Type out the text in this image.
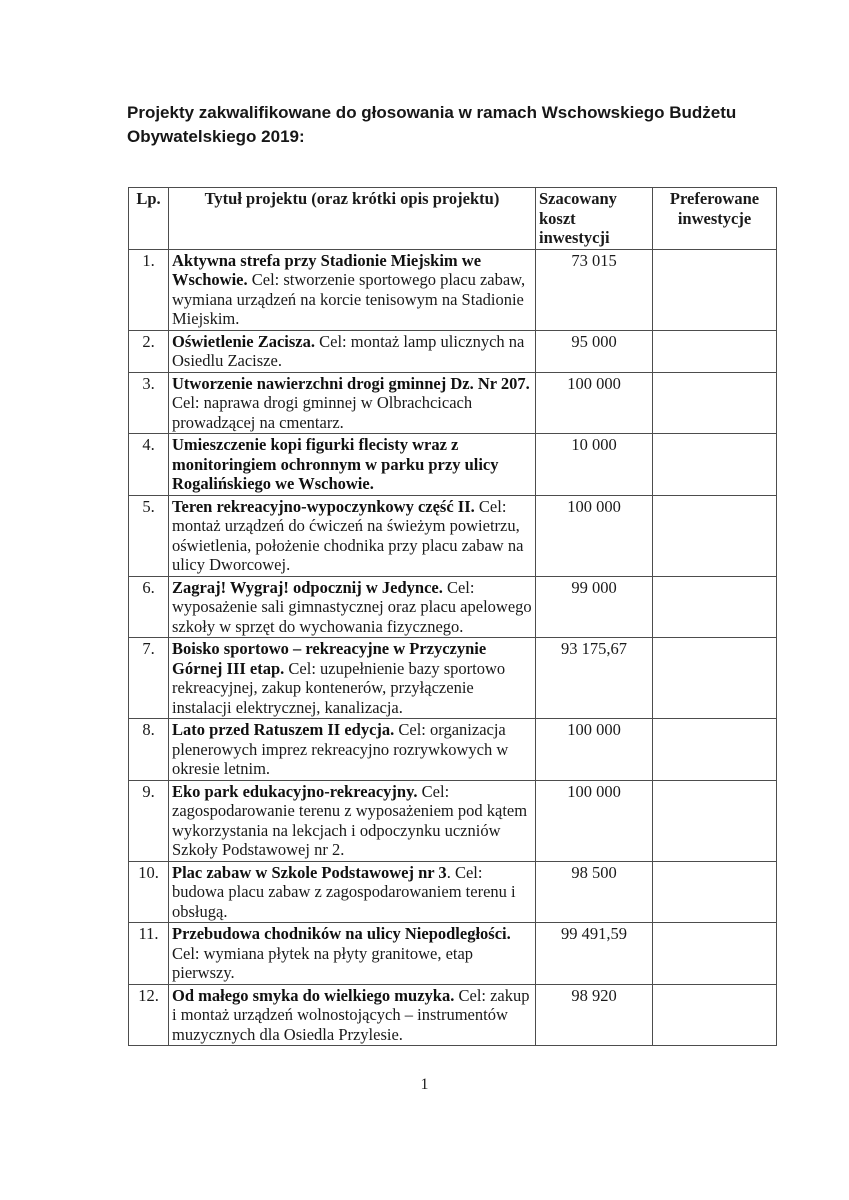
Projekty zakwalifikowane do głosowania w ramach Wschowskiego Budżetu Obywatelskiego 2019:
Lp.	Tytuł projektu (oraz krótki opis projektu)	Szacowany koszt inwestycji	Preferowane inwestycje
1.	Aktywna strefa przy Stadionie Miejskim we Wschowie. Cel: stworzenie sportowego placu zabaw, wymiana urządzeń na korcie tenisowym na Stadionie Miejskim.	73 015	
2.	Oświetlenie Zacisza. Cel: montaż lamp ulicznych na Osiedlu Zacisze.	95 000	
3.	Utworzenie nawierzchni drogi gminnej Dz. Nr 207. Cel: naprawa drogi gminnej w Olbrachcicach prowadzącej na cmentarz.	100 000	
4.	Umieszczenie kopi figurki flecisty wraz z monitoringiem ochronnym w parku przy ulicy Rogalińskiego we Wschowie.	10 000	
5.	Teren rekreacyjno-wypoczynkowy część II. Cel: montaż urządzeń do ćwiczeń na świeżym powietrzu, oświetlenia, położenie chodnika przy placu zabaw na ulicy Dworcowej.	100 000	
6.	Zagraj! Wygraj! odpocznij w Jedynce. Cel: wyposażenie sali gimnastycznej oraz placu apelowego szkoły w sprzęt do wychowania fizycznego.	99 000	
7.	Boisko sportowo – rekreacyjne w Przyczynie Górnej III etap. Cel: uzupełnienie bazy sportowo rekreacyjnej, zakup kontenerów, przyłączenie instalacji elektrycznej, kanalizacja.	93 175,67	
8.	Lato przed Ratuszem II edycja. Cel: organizacja plenerowych imprez rekreacyjno rozrywkowych w okresie letnim.	100 000	
9.	Eko park edukacyjno-rekreacyjny. Cel: zagospodarowanie terenu z wyposażeniem pod kątem wykorzystania na lekcjach i odpoczynku uczniów Szkoły Podstawowej nr 2.	100 000	
10.	Plac zabaw w Szkole Podstawowej nr 3. Cel: budowa placu zabaw z zagospodarowaniem terenu i obsługą.	98 500	
11.	Przebudowa chodników na ulicy Niepodległości. Cel: wymiana płytek na płyty granitowe, etap pierwszy.	99 491,59	
12.	Od małego smyka do wielkiego muzyka. Cel: zakup i montaż urządzeń wolnostojących – instrumentów muzycznych dla Osiedla Przylesie.	98 920	
1
